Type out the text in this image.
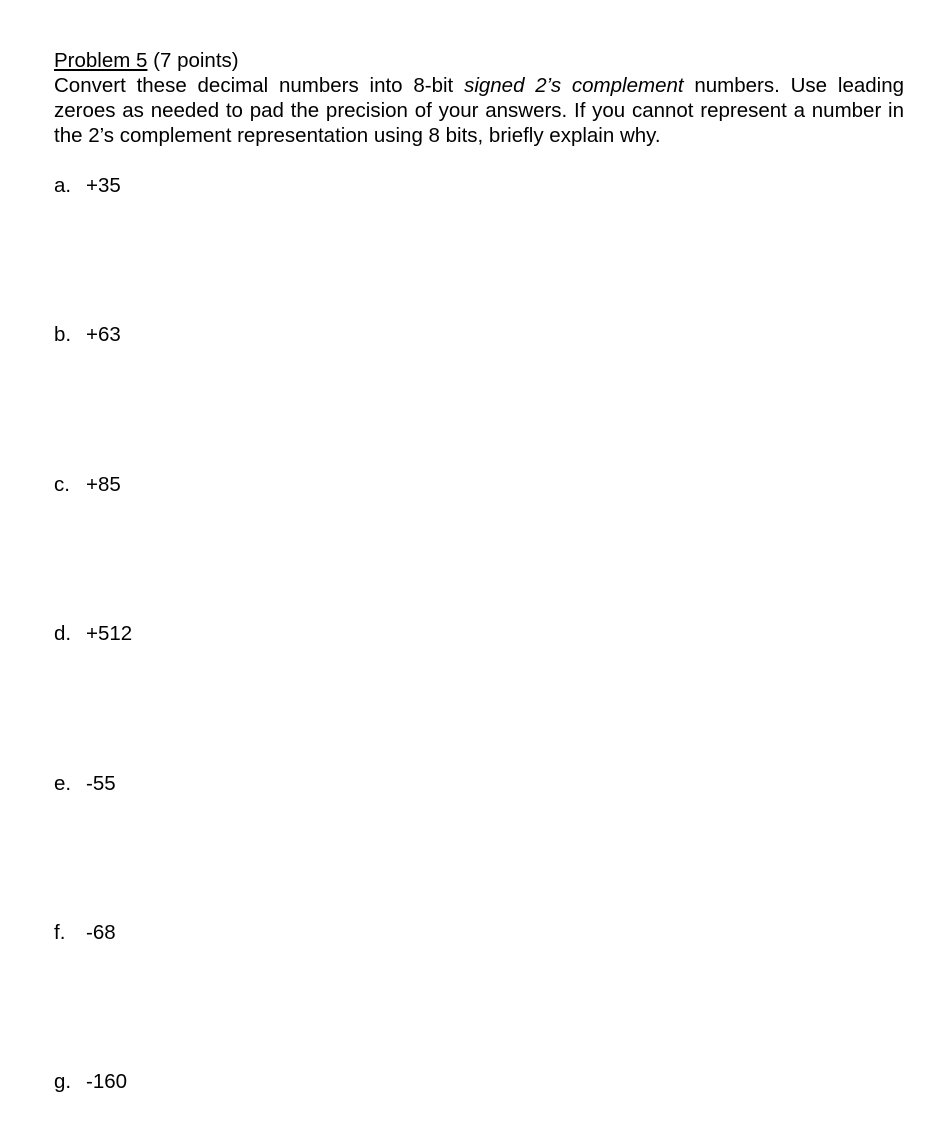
Problem 5 (7 points)

Convert these decimal numbers into 8-bit signed 2’s complement numbers. Use leading zeroes as needed to pad the precision of your answers. If you cannot represent a number in the 2’s complement representation using 8 bits, briefly explain why.

a. +35
b. +63
c. +85
d. +512
e. -55
f. -68
g. -160
